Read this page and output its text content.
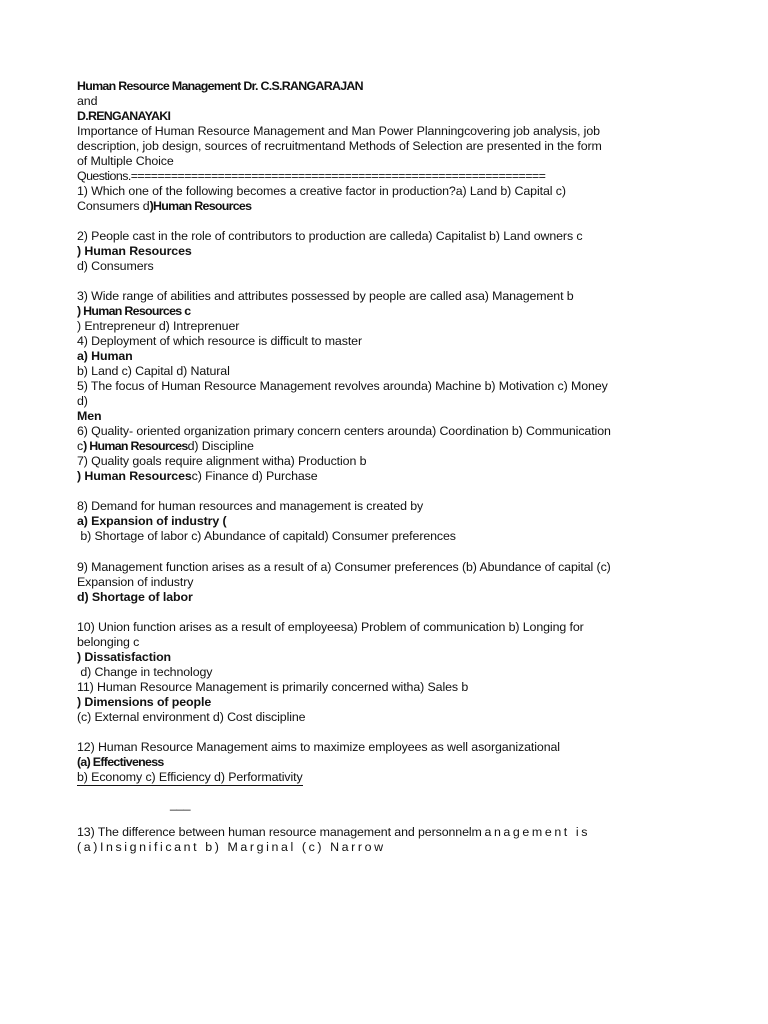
Human Resource Management Dr. C.S.RANGARAJAN
and
D.RENGANAYAKI
Importance of Human Resource Management and Man Power Planningcovering job analysis, job
description, job design, sources of recruitmentand Methods of Selection are presented in the form
of Multiple Choice
Questions.==============================================================
1) Which one of the following becomes a creative factor in production?a) Land b) Capital c)
Consumers d)Human Resources
2) People cast in the role of contributors to production are calleda) Capitalist b) Land owners c
) Human Resources
d) Consumers
3) Wide range of abilities and attributes possessed by people are called asa) Management b
) Human Resources c
) Entrepreneur d) Intreprenuer
4) Deployment of which resource is difficult to master
a) Human
b) Land c) Capital d) Natural
5) The focus of Human Resource Management revolves arounda) Machine b) Motivation c) Money
d)
Men
6) Quality- oriented organization primary concern centers arounda) Coordination b) Communication
c) Human Resourcesd) Discipline
7) Quality goals require alignment witha) Production b
) Human Resourcesc) Finance d) Purchase
8) Demand for human resources and management is created by
a) Expansion of industry (
b) Shortage of labor c) Abundance of capitald) Consumer preferences
9) Management function arises as a result of a) Consumer preferences (b) Abundance of capital (c)
Expansion of industry
d) Shortage of labor
10) Union function arises as a result of employeesa) Problem of communication b) Longing for
belonging c
) Dissatisfaction
d) Change in technology
11) Human Resource Management is primarily concerned witha) Sales b
) Dimensions of people
(c) External environment d) Cost discipline
12) Human Resource Management aims to maximize employees as well asorganizational
(a) Effectiveness
b) Economy c) Efficiency d) Performativity
___
13) The difference between human resource management and personnelmanagement is
(a)Insignificant b) Marginal (c) Narrow
